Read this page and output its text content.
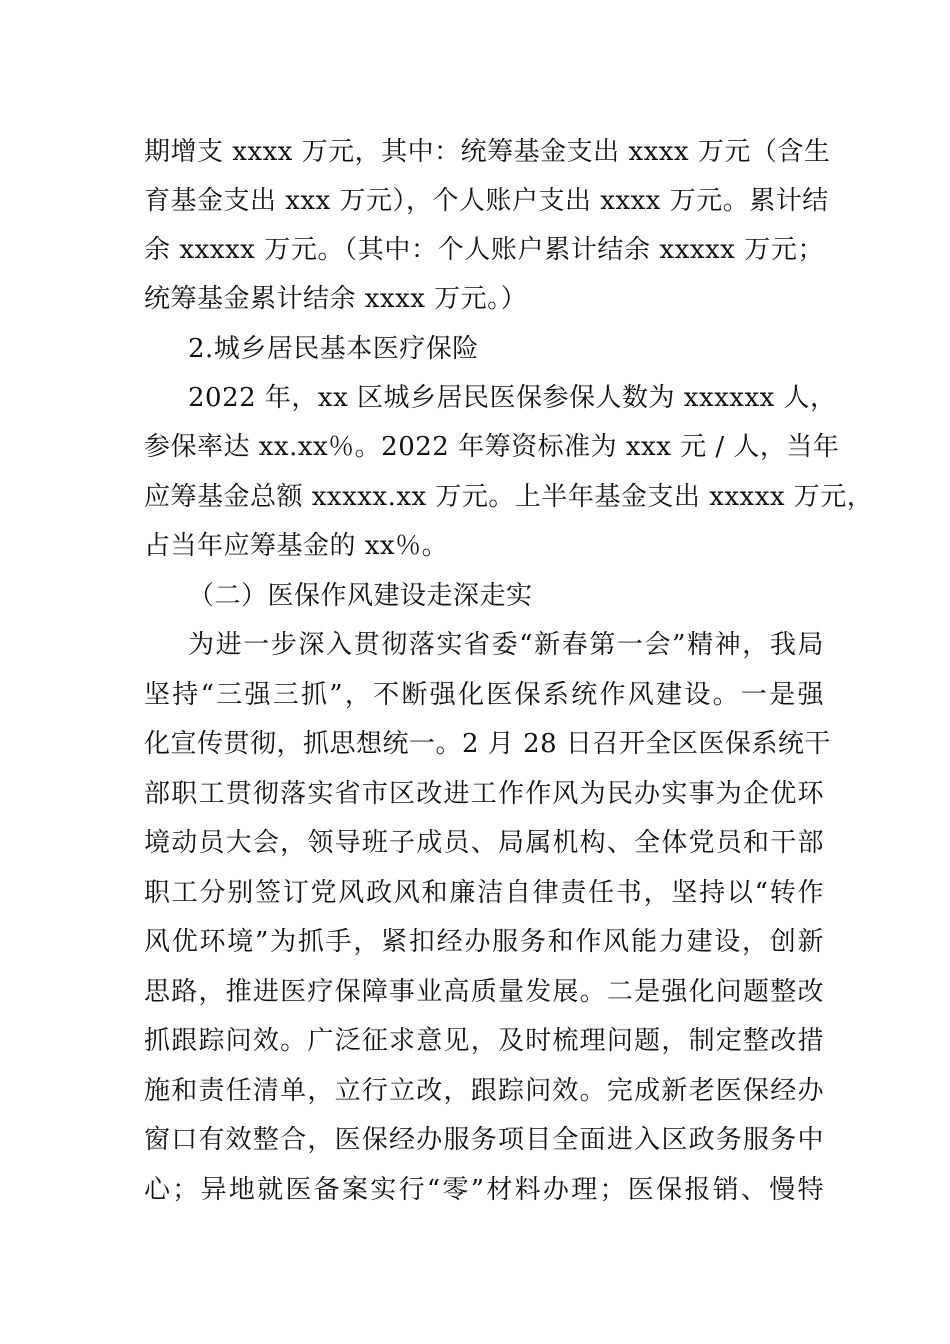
期增支 xxxx 万元，其中：统筹基金支出 xxxx 万元（含生
育基金支出 xxx 万元），个人账户支出 xxxx 万元。累计结
余 xxxxx 万元。（其中：个人账户累计结余 xxxxx 万元；
统筹基金累计结余 xxxx 万元。）
2.城乡居民基本医疗保险
2022 年，xx 区城乡居民医保参保人数为 xxxxxx 人，
参保率达 xx.xx％。2022 年筹资标准为 xxx 元 / 人，当年
应筹基金总额 xxxxx.xx 万元。上半年基金支出 xxxxx 万元，
占当年应筹基金的 xx％。
（二）医保作风建设走深走实
为进一步深入贯彻落实省委“新春第一会”精神，我局
坚持“三强三抓”，不断强化医保系统作风建设。一是强
化宣传贯彻，抓思想统一。2 月 28 日召开全区医保系统干
部职工贯彻落实省市区改进工作作风为民办实事为企优环
境动员大会，领导班子成员、局属机构、全体党员和干部
职工分别签订党风政风和廉洁自律责任书，坚持以“转作
风优环境”为抓手，紧扣经办服务和作风能力建设，创新
思路，推进医疗保障事业高质量发展。二是强化问题整改
抓跟踪问效。广泛征求意见，及时梳理问题，制定整改措
施和责任清单，立行立改，跟踪问效。完成新老医保经办
窗口有效整合，医保经办服务项目全面进入区政务服务中
心；异地就医备案实行“零”材料办理；医保报销、慢特
